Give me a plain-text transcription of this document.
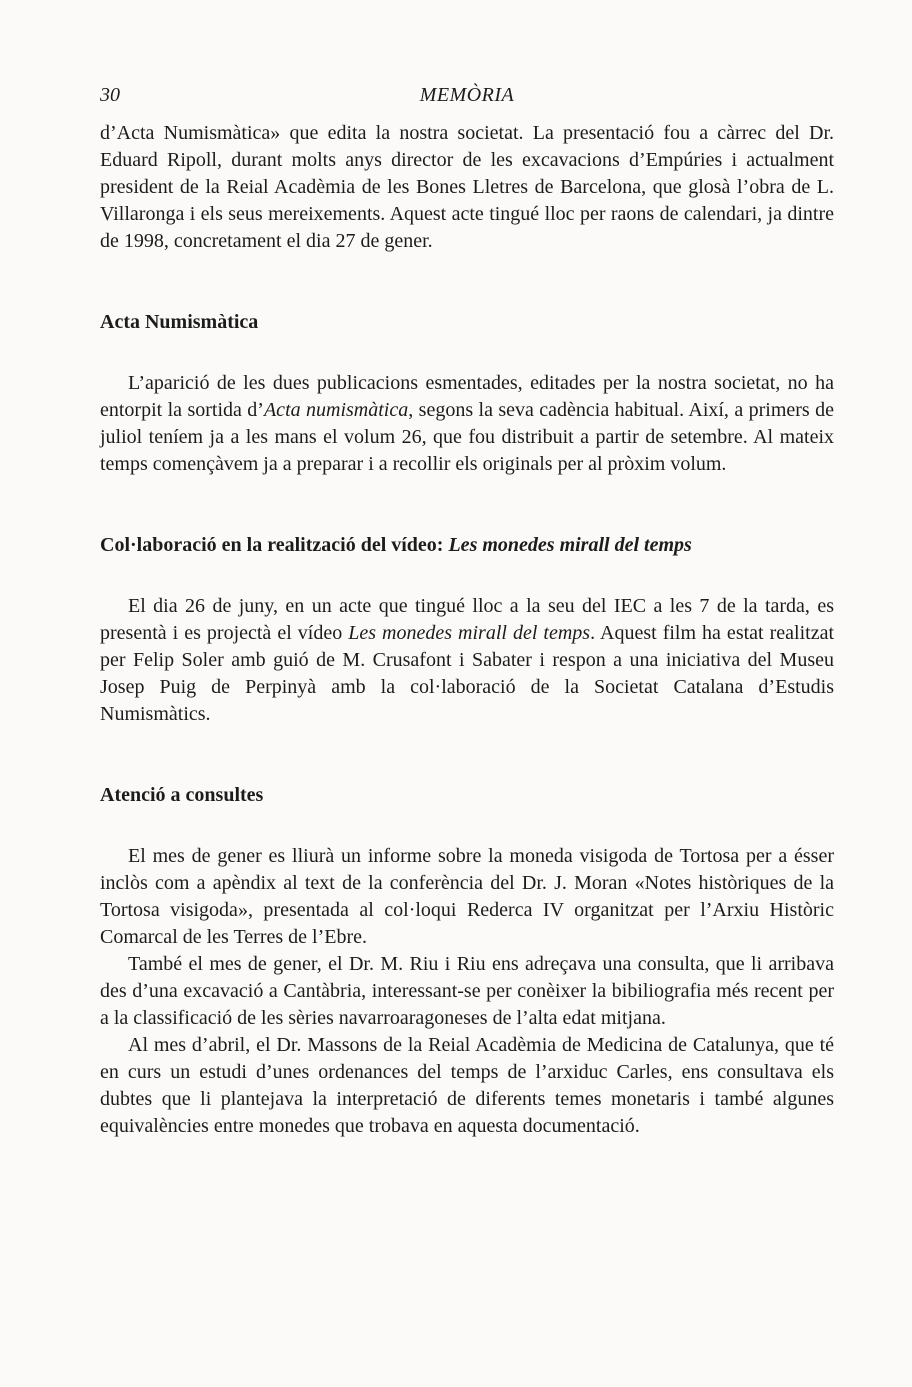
30	MEMÒRIA

d’Acta Numismàtica» que edita la nostra societat. La presentació fou a càrrec del Dr. Eduard Ripoll, durant molts anys director de les excavacions d’Empúries i actualment president de la Reial Acadèmia de les Bones Lletres de Barcelona, que glosà l’obra de L. Villaronga i els seus mereixements. Aquest acte tingué lloc per raons de calendari, ja dintre de 1998, concretament el dia 27 de gener.

Acta Numismàtica

L’aparició de les dues publicacions esmentades, editades per la nostra societat, no ha entorpit la sortida d’Acta numismàtica, segons la seva cadència habitual. Així, a primers de juliol teníem ja a les mans el volum 26, que fou distribuit a partir de setembre. Al mateix temps començàvem ja a preparar i a recollir els originals per al pròxim volum.

Col·laboració en la realització del vídeo: Les monedes mirall del temps

El dia 26 de juny, en un acte que tingué lloc a la seu del IEC a les 7 de la tarda, es presentà i es projectà el vídeo Les monedes mirall del temps. Aquest film ha estat realitzat per Felip Soler amb guió de M. Crusafont i Sabater i respon a una iniciativa del Museu Josep Puig de Perpinyà amb la col·laboració de la Societat Catalana d’Estudis Numismàtics.

Atenció a consultes

El mes de gener es lliurà un informe sobre la moneda visigoda de Tortosa per a ésser inclòs com a apèndix al text de la conferència del Dr. J. Moran «Notes històriques de la Tortosa visigoda», presentada al col·loqui Rederca IV organitzat per l’Arxiu Històric Comarcal de les Terres de l’Ebre.

També el mes de gener, el Dr. M. Riu i Riu ens adreçava una consulta, que li arribava des d’una excavació a Cantàbria, interessant-se per conèixer la bibiliografia més recent per a la classificació de les sèries navarroaragoneses de l’alta edat mitjana.

Al mes d’abril, el Dr. Massons de la Reial Acadèmia de Medicina de Catalunya, que té en curs un estudi d’unes ordenances del temps de l’arxiduc Carles, ens consultava els dubtes que li plantejava la interpretació de diferents temes monetaris i també algunes equivalències entre monedes que trobava en aquesta documentació.
